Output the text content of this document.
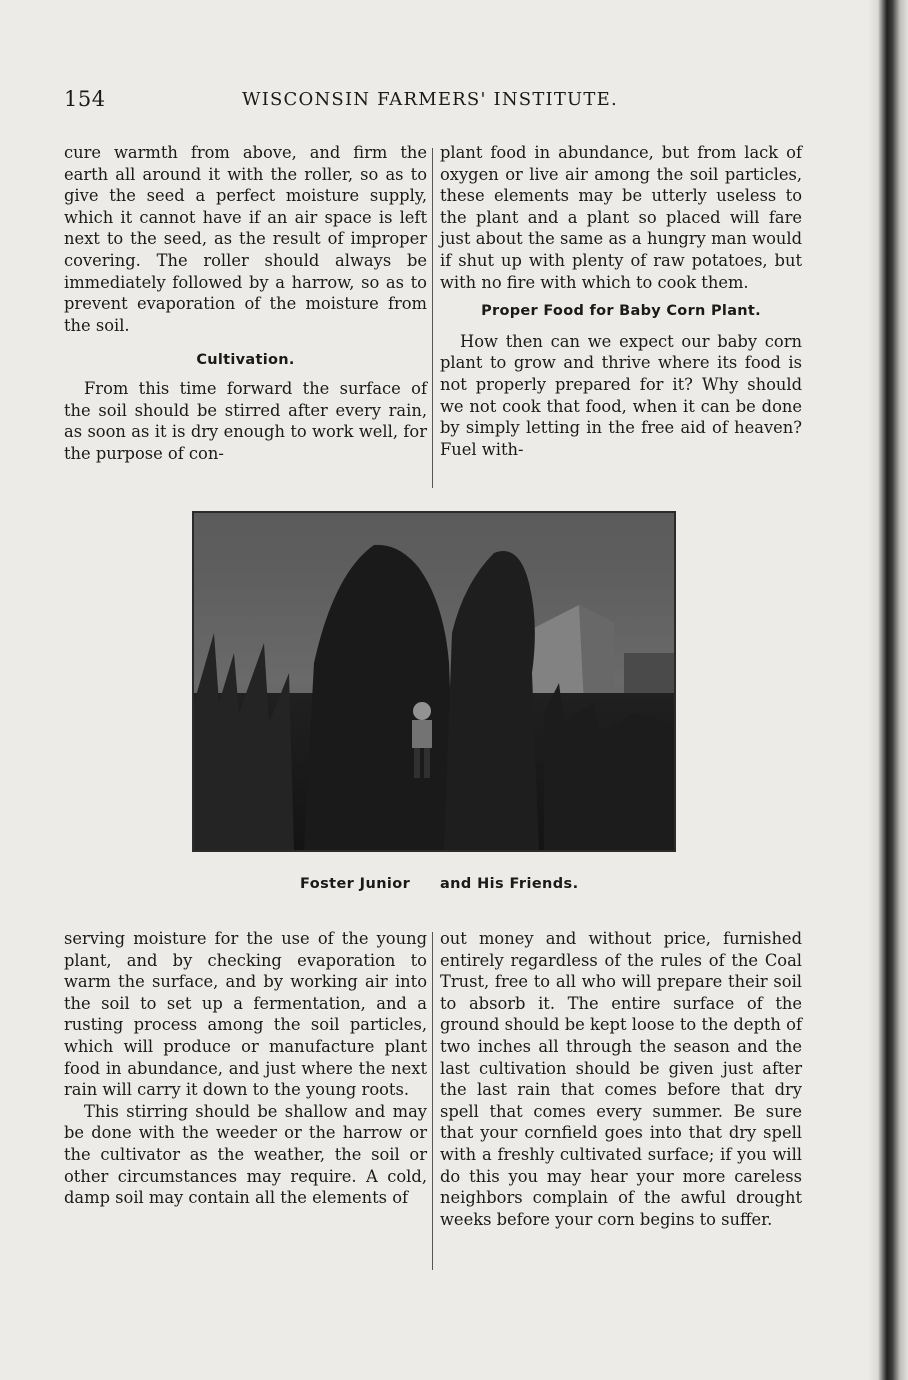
154	WISCONSIN FARMERS' INSTITUTE.

cure warmth from above, and firm the earth all around it with the roller, so as to give the seed a perfect moisture supply, which it cannot have if an air space is left next to the seed, as the result of improper covering. The roller should always be immediately followed by a harrow, so as to prevent evaporation of the moisture from the soil.

Cultivation.

From this time forward the surface of the soil should be stirred after every rain, as soon as it is dry enough to work well, for the purpose of con-

plant food in abundance, but from lack of oxygen or live air among the soil particles, these elements may be utterly useless to the plant and a plant so placed will fare just about the same as a hungry man would if shut up with plenty of raw potatoes, but with no fire with which to cook them.

Proper Food for Baby Corn Plant.

How then can we expect our baby corn plant to grow and thrive where its food is not properly prepared for it? Why should we not cook that food, when it can be done by simply letting in the free aid of heaven? Fuel with-

Foster Junior and His Friends.

serving moisture for the use of the young plant, and by checking evaporation to warm the surface, and by working air into the soil to set up a fermentation, and a rusting process among the soil particles, which will produce or manufacture plant food in abundance, and just where the next rain will carry it down to the young roots.

This stirring should be shallow and may be done with the weeder or the harrow or the cultivator as the weather, the soil or other circumstances may require. A cold, damp soil may contain all the elements of

out money and without price, furnished entirely regardless of the rules of the Coal Trust, free to all who will prepare their soil to absorb it. The entire surface of the ground should be kept loose to the depth of two inches all through the season and the last cultivation should be given just after the last rain that comes before that dry spell that comes every summer. Be sure that your cornfield goes into that dry spell with a freshly cultivated surface; if you will do this you may hear your more careless neighbors complain of the awful drought weeks before your corn begins to suffer.
